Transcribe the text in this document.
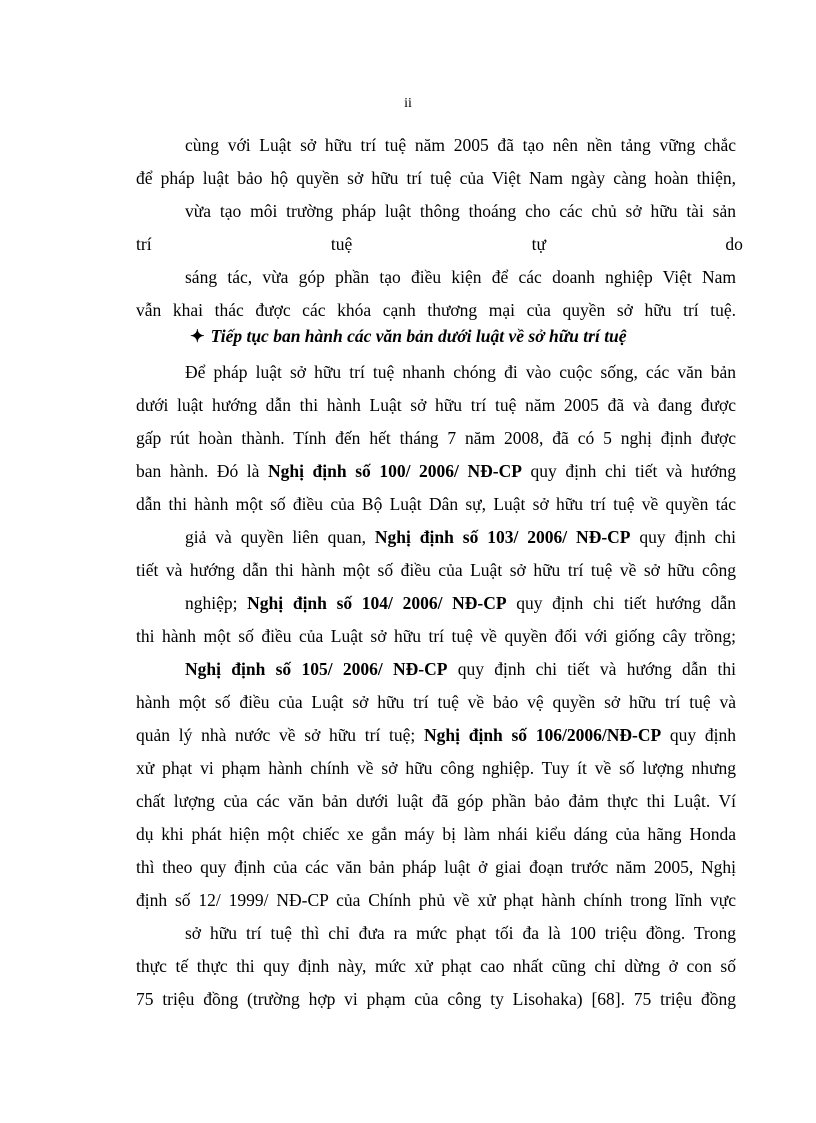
ii
cùng với Luật sở hữu trí tuệ năm 2005 đã tạo nên nền tảng vững chắc
để pháp luật bảo hộ quyền sở hữu trí tuệ của Việt Nam ngày càng hoàn thiện,
vừa tạo môi trường pháp luật thông thoáng cho các chủ sở hữu tài sản
trí tuệ tự do
sáng tác, vừa góp phần tạo điều kiện để các doanh nghiệp Việt Nam
vẫn khai thác được các khóa cạnh thương mại của quyền sở hữu trí tuệ.
✦ Tiếp tục ban hành các văn bản dưới luật về sở hữu trí tuệ
Để pháp luật sở hữu trí tuệ nhanh chóng đi vào cuộc sống, các văn bản
dưới luật hướng dẫn thi hành Luật sở hữu trí tuệ năm 2005 đã và đang được
gấp rút hoàn thành. Tính đến hết tháng 7 năm 2008, đã có 5 nghị định được
ban hành. Đó là Nghị định số 100/ 2006/ NĐ-CP quy định chi tiết và hướng
dẫn thi hành một số điều của Bộ Luật Dân sự, Luật sở hữu trí tuệ về quyền tác
giả và quyền liên quan, Nghị định số 103/ 2006/ NĐ-CP quy định chi
tiết và hướng dẫn thi hành một số điều của Luật sở hữu trí tuệ về sở hữu công
nghiệp; Nghị định số 104/ 2006/ NĐ-CP quy định chi tiết hướng dẫn
thi hành một số điều của Luật sở hữu trí tuệ về quyền đối với giống cây trồng;
Nghị định số 105/ 2006/ NĐ-CP quy định chi tiết và hướng dẫn thi
hành một số điều của Luật sở hữu trí tuệ về bảo vệ quyền sở hữu trí tuệ và
quản lý nhà nước về sở hữu trí tuệ; Nghị định số 106/2006/NĐ-CP quy định
xử phạt vi phạm hành chính về sở hữu công nghiệp. Tuy ít về số lượng nhưng
chất lượng của các văn bản dưới luật đã góp phần bảo đảm thực thi Luật. Ví
dụ khi phát hiện một chiếc xe gắn máy bị làm nhái kiểu dáng của hãng Honda
thì theo quy định của các văn bản pháp luật ở giai đoạn trước năm 2005, Nghị
định số 12/ 1999/ NĐ-CP của Chính phủ về xử phạt hành chính trong lĩnh vực
sở hữu trí tuệ thì chỉ đưa ra mức phạt tối đa là 100 triệu đồng. Trong
thực tế thực thi quy định này, mức xử phạt cao nhất cũng chỉ dừng ở con số
75 triệu đồng (trường hợp vi phạm của công ty Lisohaka) [68]. 75 triệu đồng
